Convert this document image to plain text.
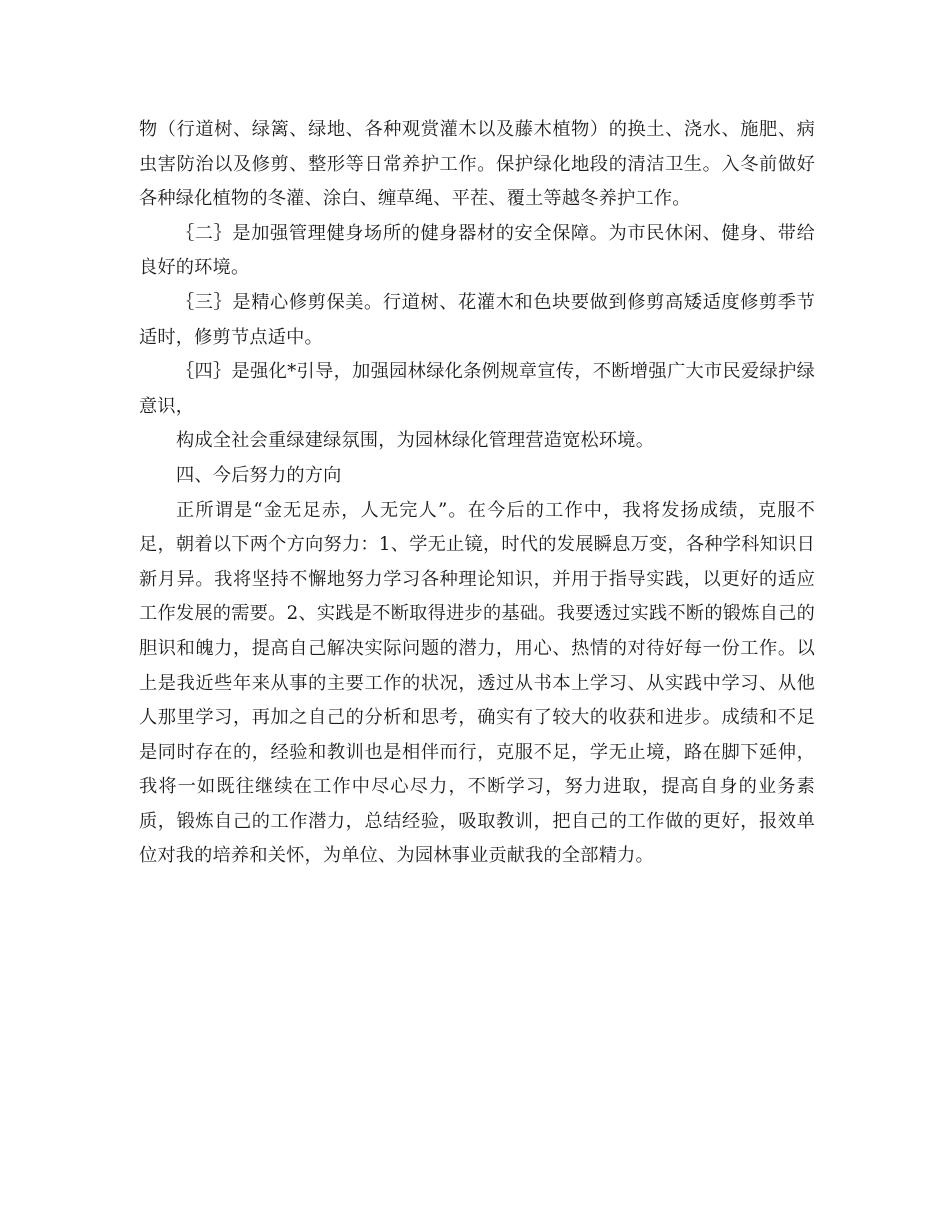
物（行道树、绿篱、绿地、各种观赏灌木以及藤木植物）的换土、浇水、施肥、病虫害防治以及修剪、整形等日常养护工作。保护绿化地段的清洁卫生。入冬前做好各种绿化植物的冬灌、涂白、缠草绳、平茬、覆土等越冬养护工作。

｛二｝是加强管理健身场所的健身器材的安全保障。为市民休闲、健身、带给良好的环境。

｛三｝是精心修剪保美。行道树、花灌木和色块要做到修剪高矮适度修剪季节适时，修剪节点适中。

｛四｝是强化*引导，加强园林绿化条例规章宣传，不断增强广大市民爱绿护绿意识，

构成全社会重绿建绿氛围，为园林绿化管理营造宽松环境。

四、今后努力的方向

正所谓是“金无足赤，人无完人”。在今后的工作中，我将发扬成绩，克服不足，朝着以下两个方向努力：1、学无止镜，时代的发展瞬息万变，各种学科知识日新月异。我将坚持不懈地努力学习各种理论知识，并用于指导实践，以更好的适应工作发展的需要。2、实践是不断取得进步的基础。我要透过实践不断的锻炼自己的胆识和魄力，提高自己解决实际问题的潜力，用心、热情的对待好每一份工作。以上是我近些年来从事的主要工作的状况，透过从书本上学习、从实践中学习、从他人那里学习，再加之自己的分析和思考，确实有了较大的收获和进步。成绩和不足是同时存在的，经验和教训也是相伴而行，克服不足，学无止境，路在脚下延伸，我将一如既往继续在工作中尽心尽力，不断学习，努力进取，提高自身的业务素质，锻炼自己的工作潜力，总结经验，吸取教训，把自己的工作做的更好，报效单位对我的培养和关怀，为单位、为园林事业贡献我的全部精力。
